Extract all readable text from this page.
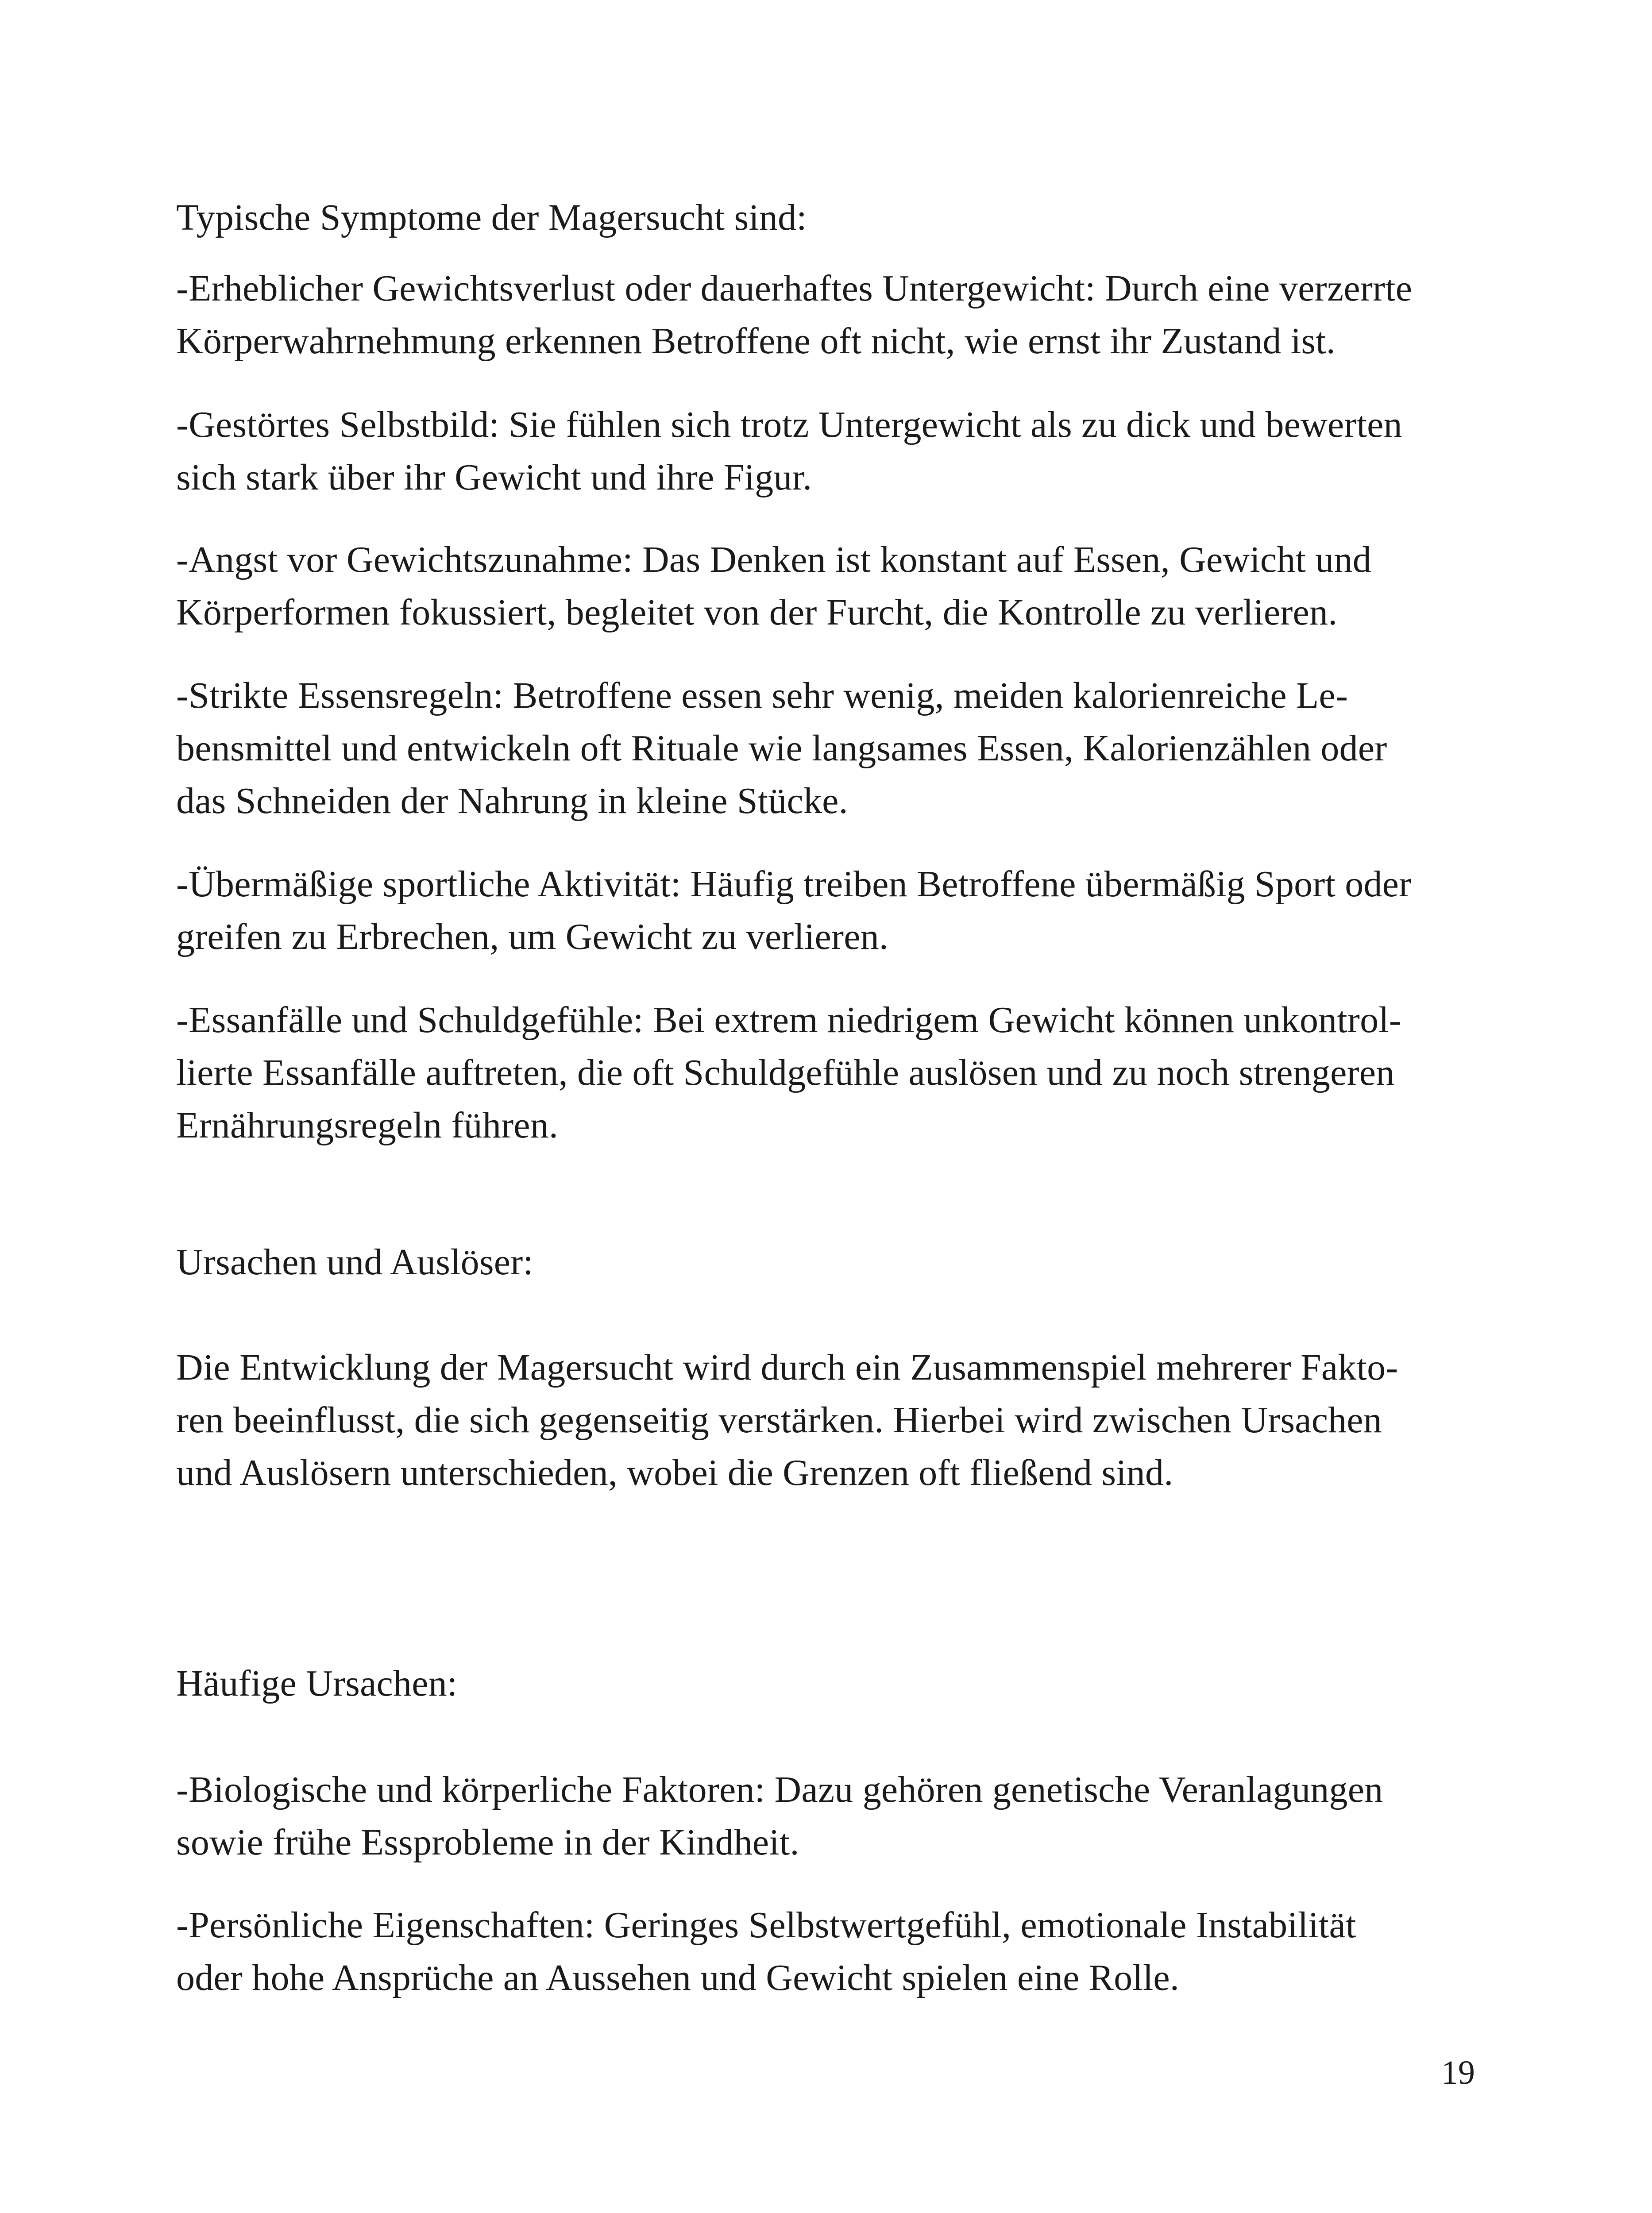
Typische Symptome der Magersucht sind:

-Erheblicher Gewichtsverlust oder dauerhaftes Untergewicht: Durch eine verzerrte
Körperwahrnehmung erkennen Betroffene oft nicht, wie ernst ihr Zustand ist.

-Gestörtes Selbstbild: Sie fühlen sich trotz Untergewicht als zu dick und bewerten
sich stark über ihr Gewicht und ihre Figur.

-Angst vor Gewichtszunahme: Das Denken ist konstant auf Essen, Gewicht und
Körperformen fokussiert, begleitet von der Furcht, die Kontrolle zu verlieren.

-Strikte Essensregeln: Betroffene essen sehr wenig, meiden kalorienreiche Le-
bensmittel und entwickeln oft Rituale wie langsames Essen, Kalorienzählen oder
das Schneiden der Nahrung in kleine Stücke.

-Übermäßige sportliche Aktivität: Häufig treiben Betroffene übermäßig Sport oder
greifen zu Erbrechen, um Gewicht zu verlieren.

-Essanfälle und Schuldgefühle: Bei extrem niedrigem Gewicht können unkontrol-
lierte Essanfälle auftreten, die oft Schuldgefühle auslösen und zu noch strengeren
Ernährungsregeln führen.

Ursachen und Auslöser:

Die Entwicklung der Magersucht wird durch ein Zusammenspiel mehrerer Fakto-
ren beeinflusst, die sich gegenseitig verstärken. Hierbei wird zwischen Ursachen
und Auslösern unterschieden, wobei die Grenzen oft fließend sind.

Häufige Ursachen:

-Biologische und körperliche Faktoren: Dazu gehören genetische Veranlagungen
sowie frühe Essprobleme in der Kindheit.

-Persönliche Eigenschaften: Geringes Selbstwertgefühl, emotionale Instabilität
oder hohe Ansprüche an Aussehen und Gewicht spielen eine Rolle.

19
